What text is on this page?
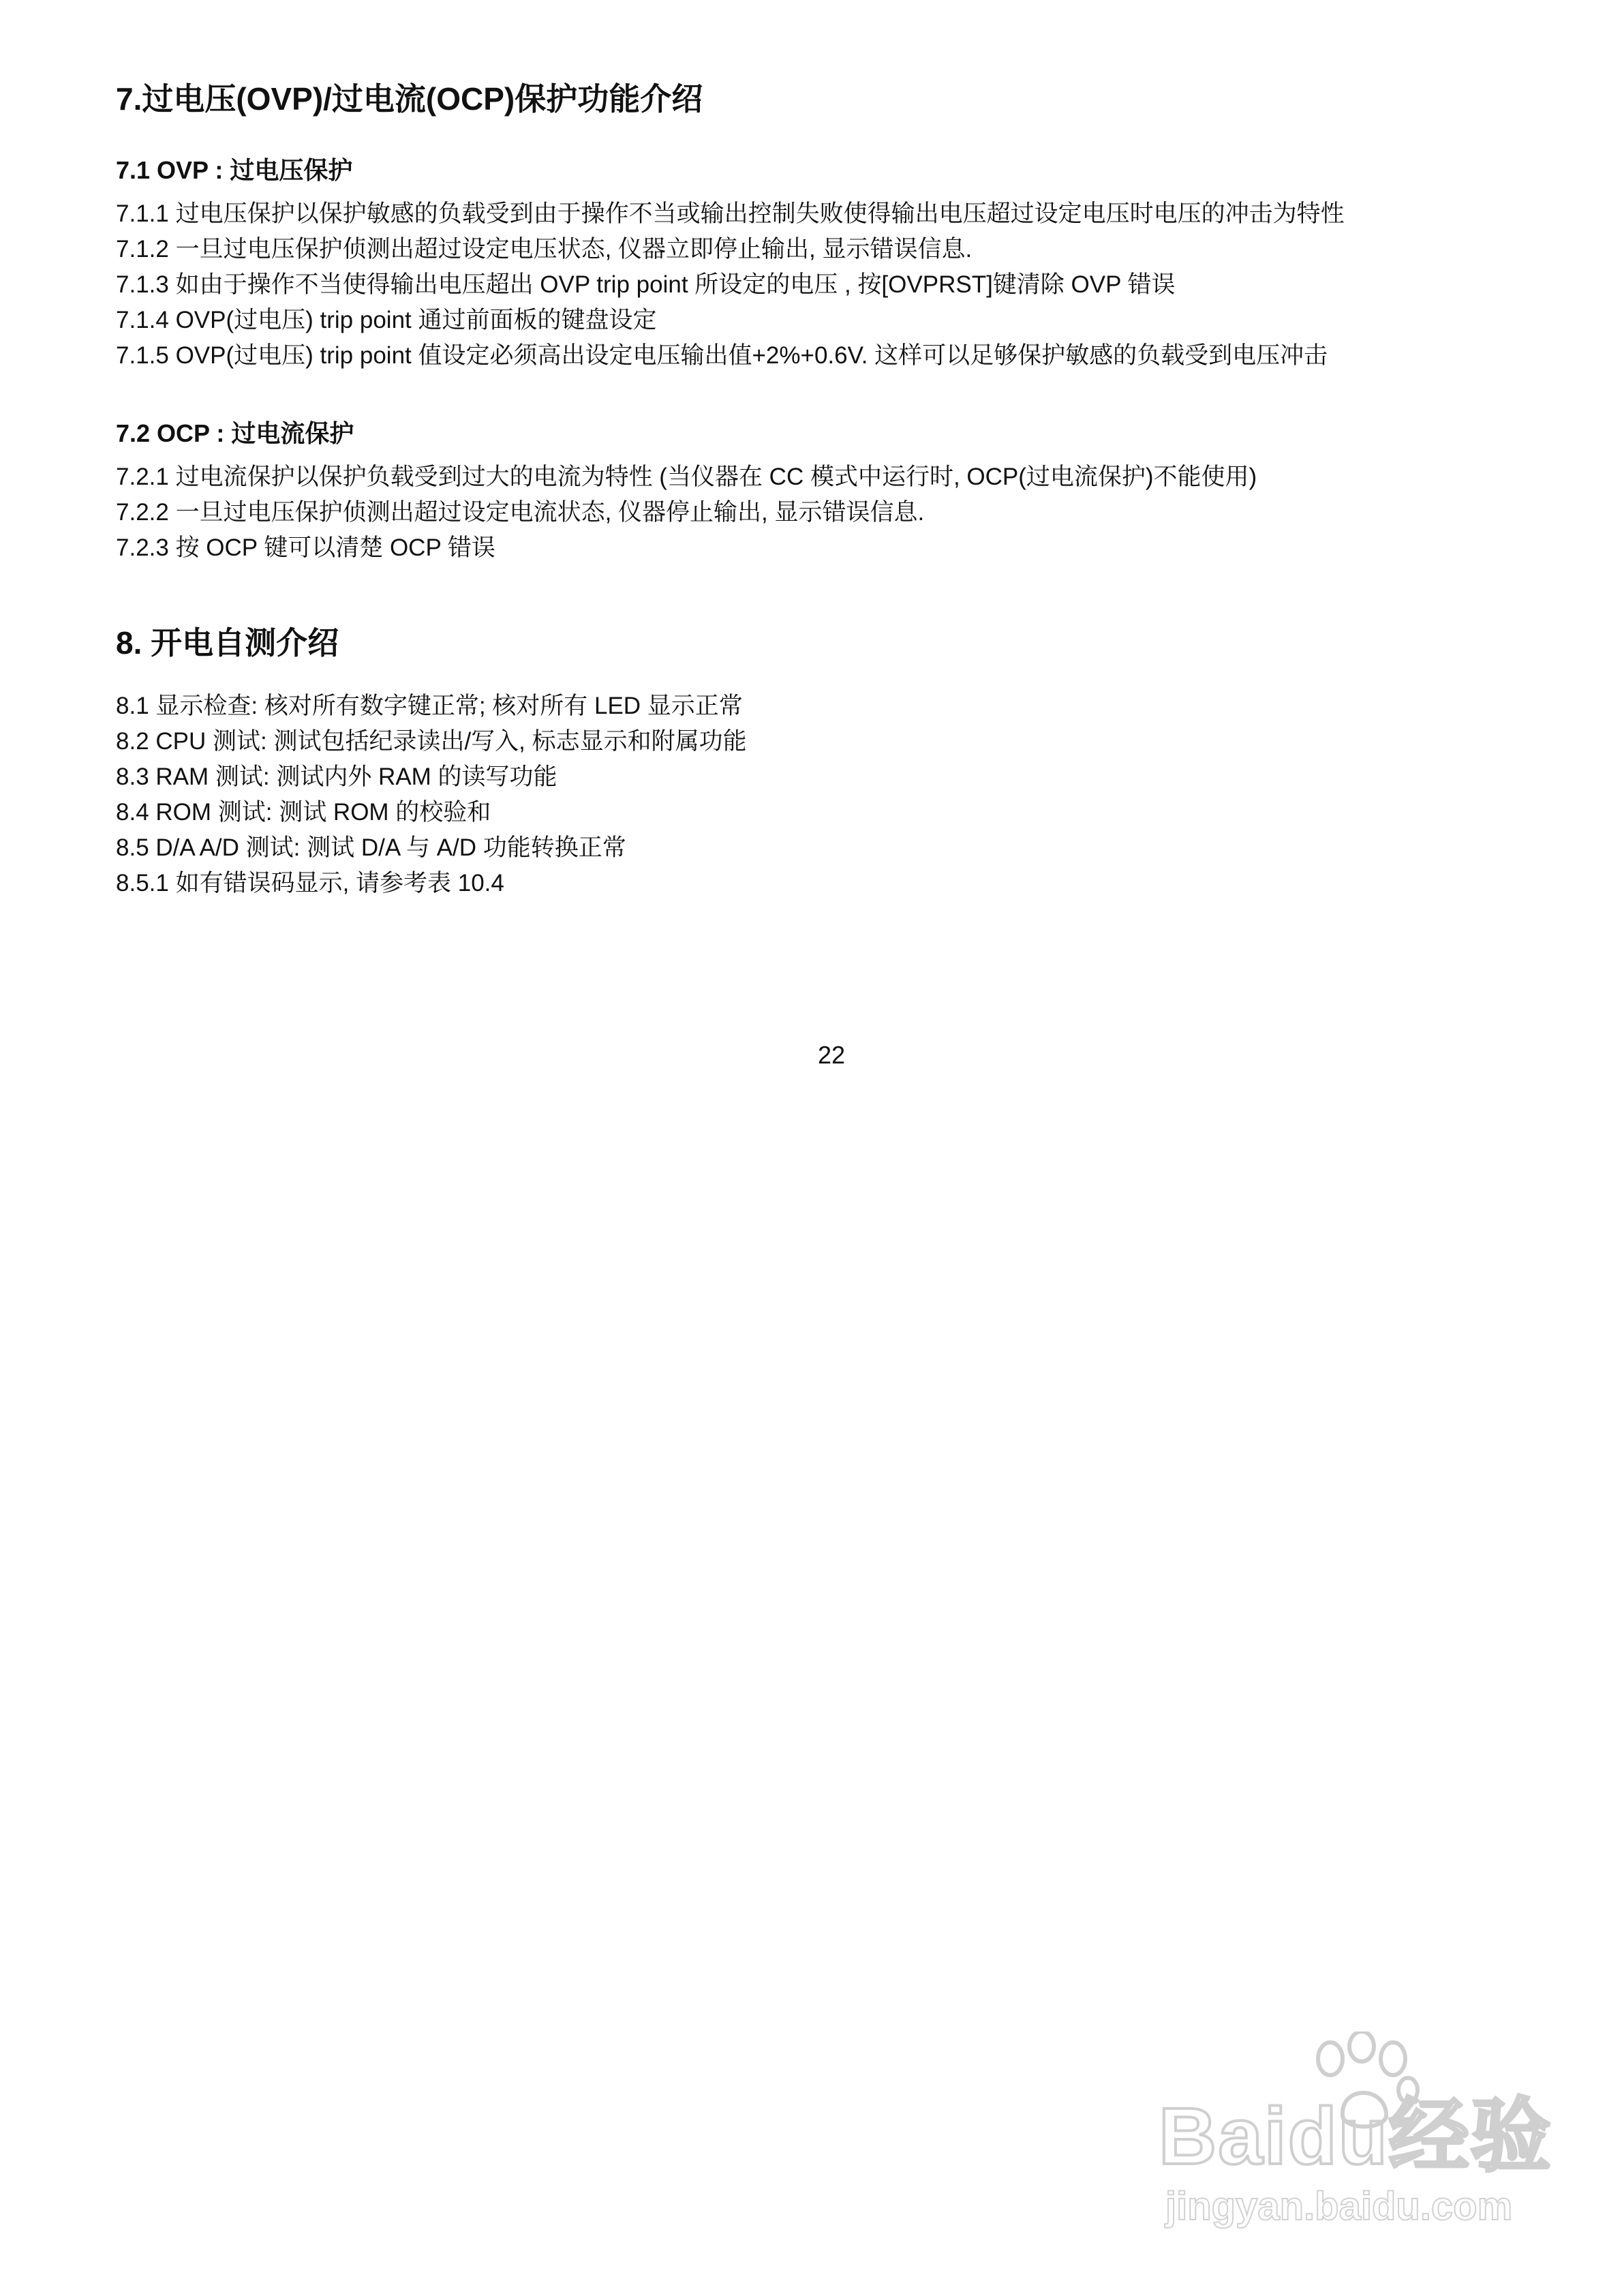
7.过电压(OVP)/过电流(OCP)保护功能介绍
7.1 OVP : 过电压保护
7.1.1 过电压保护以保护敏感的负载受到由于操作不当或输出控制失败使得输出电压超过设定电压时电压的冲击为特性
7.1.2 一旦过电压保护侦测出超过设定电压状态, 仪器立即停止输出, 显示错误信息.
7.1.3 如由于操作不当使得输出电压超出 OVP trip point 所设定的电压 , 按[OVPRST]键清除 OVP 错误
7.1.4 OVP(过电压) trip point 通过前面板的键盘设定
7.1.5 OVP(过电压) trip point 值设定必须高出设定电压输出值+2%+0.6V. 这样可以足够保护敏感的负载受到电压冲击
7.2 OCP : 过电流保护
7.2.1 过电流保护以保护负载受到过大的电流为特性 (当仪器在 CC 模式中运行时, OCP(过电流保护)不能使用)
7.2.2 一旦过电压保护侦测出超过设定电流状态, 仪器停止输出, 显示错误信息.
7.2.3 按 OCP 键可以清楚 OCP 错误
8. 开电自测介绍
8.1 显示检查: 核对所有数字键正常; 核对所有 LED 显示正常
8.2 CPU 测试: 测试包括纪录读出/写入, 标志显示和附属功能
8.3 RAM 测试: 测试内外 RAM 的读写功能
8.4 ROM 测试: 测试 ROM 的校验和
8.5 D/A A/D 测试: 测试 D/A 与 A/D 功能转换正常
8.5.1 如有错误码显示, 请参考表 10.4
22
Baidu经验
jingyan.baidu.com
